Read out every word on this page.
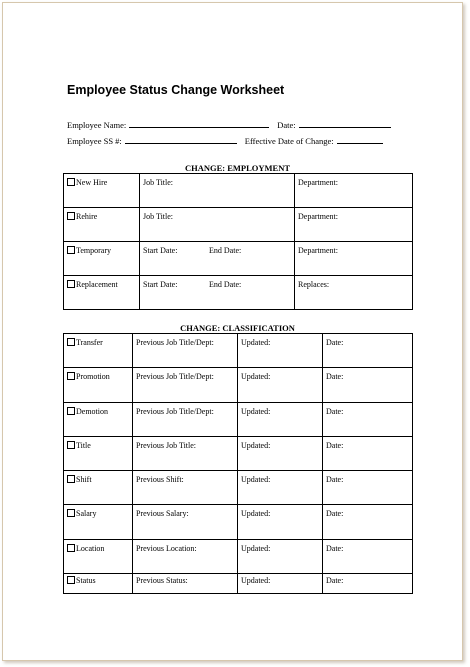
Employee Status Change Worksheet
Employee Name:	Date:
Employee SS #:	Effective Date of Change:
CHANGE: EMPLOYMENT
New Hire	Job Title:	Department:
Rehire	Job Title:	Department:
Temporary	Start Date: End Date:	Department:
Replacement	Start Date: End Date:	Replaces:
CHANGE: CLASSIFICATION
Transfer	Previous Job Title/Dept:	Updated:	Date:
Promotion	Previous Job Title/Dept:	Updated:	Date:
Demotion	Previous Job Title/Dept:	Updated:	Date:
Title	Previous Job Title:	Updated:	Date:
Shift	Previous Shift:	Updated:	Date:
Salary	Previous Salary:	Updated:	Date:
Location	Previous Location:	Updated:	Date:
Status	Previous Status:	Updated:	Date:
